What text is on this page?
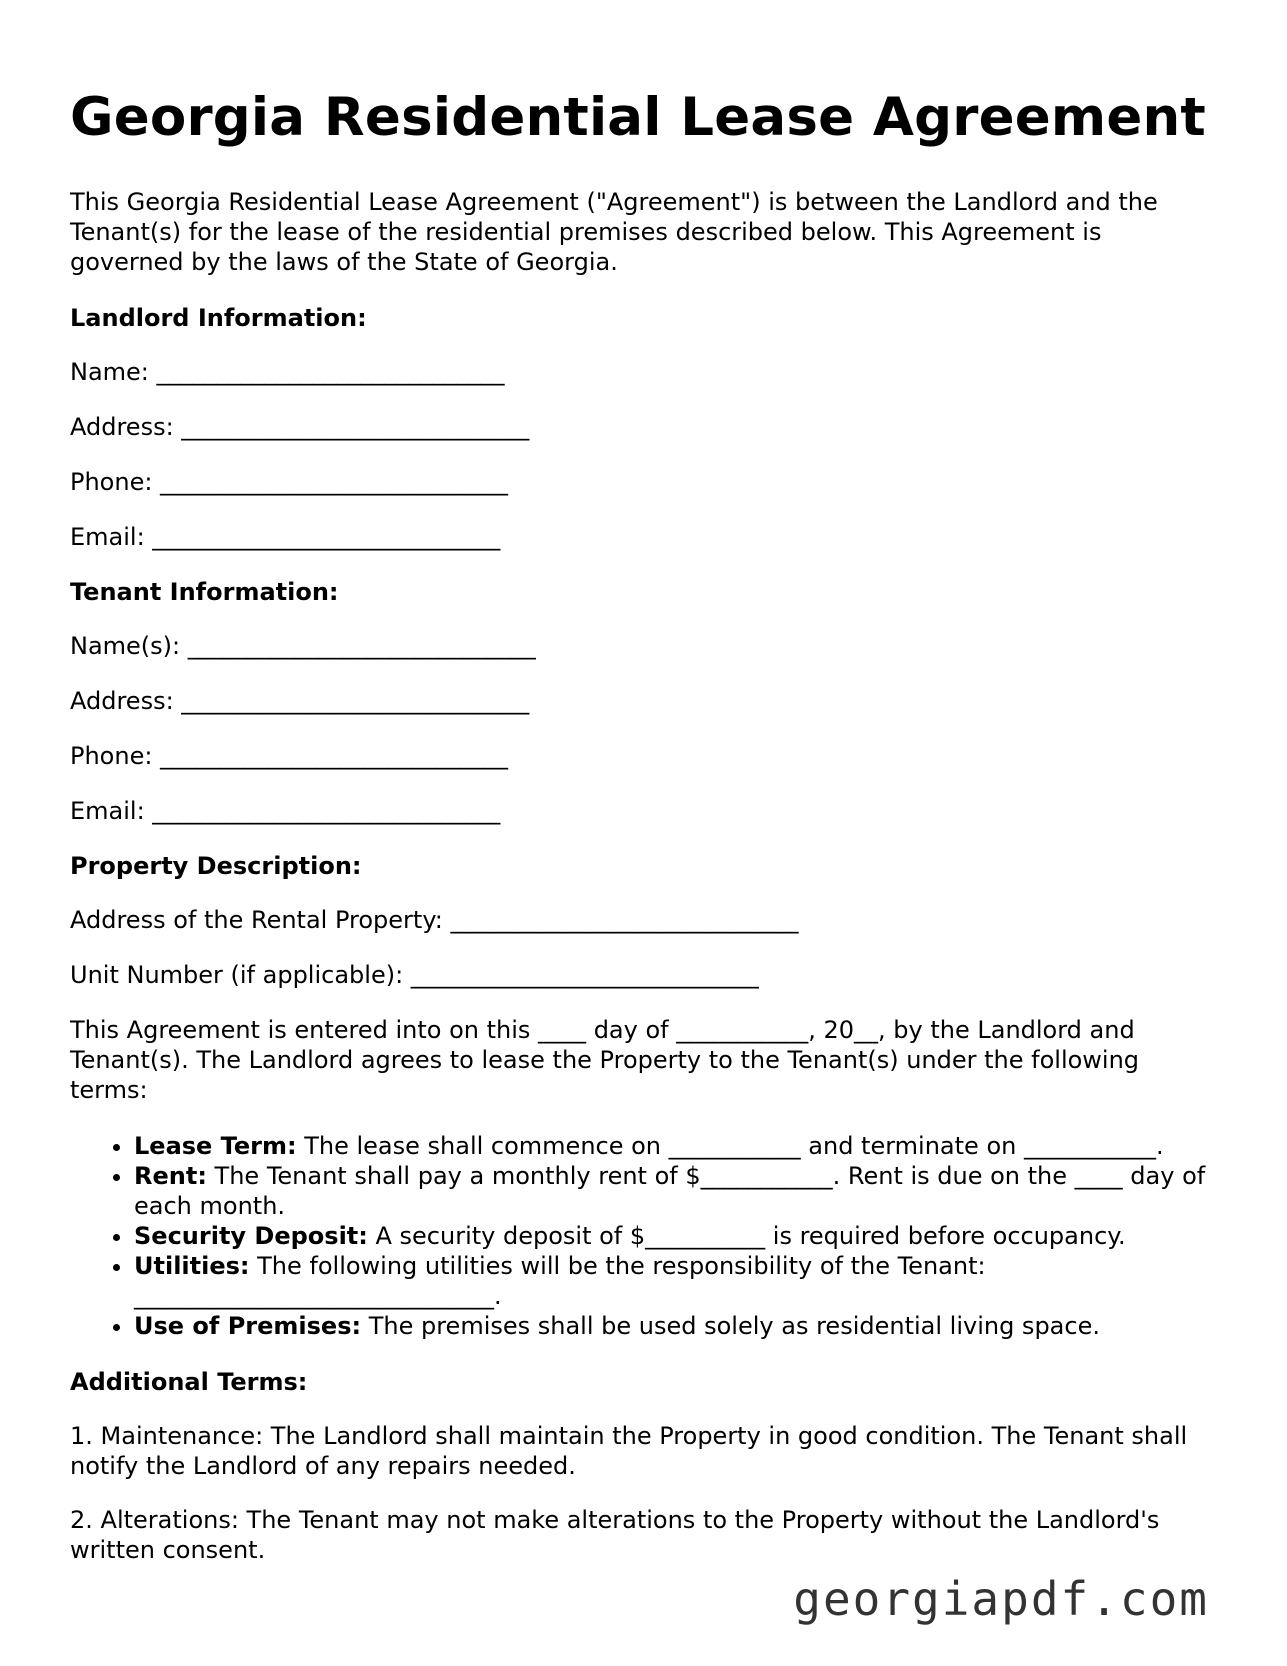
Georgia Residential Lease Agreement

This Georgia Residential Lease Agreement ("Agreement") is between the Landlord and the Tenant(s) for the lease of the residential premises described below. This Agreement is governed by the laws of the State of Georgia.

Landlord Information:

Name: _____________________________

Address: _____________________________

Phone: _____________________________

Email: _____________________________

Tenant Information:

Name(s): _____________________________

Address: _____________________________

Phone: _____________________________

Email: _____________________________

Property Description:

Address of the Rental Property: _____________________________

Unit Number (if applicable): _____________________________

This Agreement is entered into on this ____ day of ___________, 20__, by the Landlord and Tenant(s). The Landlord agrees to lease the Property to the Tenant(s) under the following terms:

• Lease Term: The lease shall commence on ___________ and terminate on ___________.
• Rent: The Tenant shall pay a monthly rent of $___________. Rent is due on the ____ day of each month.
• Security Deposit: A security deposit of $__________ is required before occupancy.
• Utilities: The following utilities will be the responsibility of the Tenant: ______________________________.
• Use of Premises: The premises shall be used solely as residential living space.

Additional Terms:

1. Maintenance: The Landlord shall maintain the Property in good condition. The Tenant shall notify the Landlord of any repairs needed.

2. Alterations: The Tenant may not make alterations to the Property without the Landlord's written consent.

georgiapdf.com
